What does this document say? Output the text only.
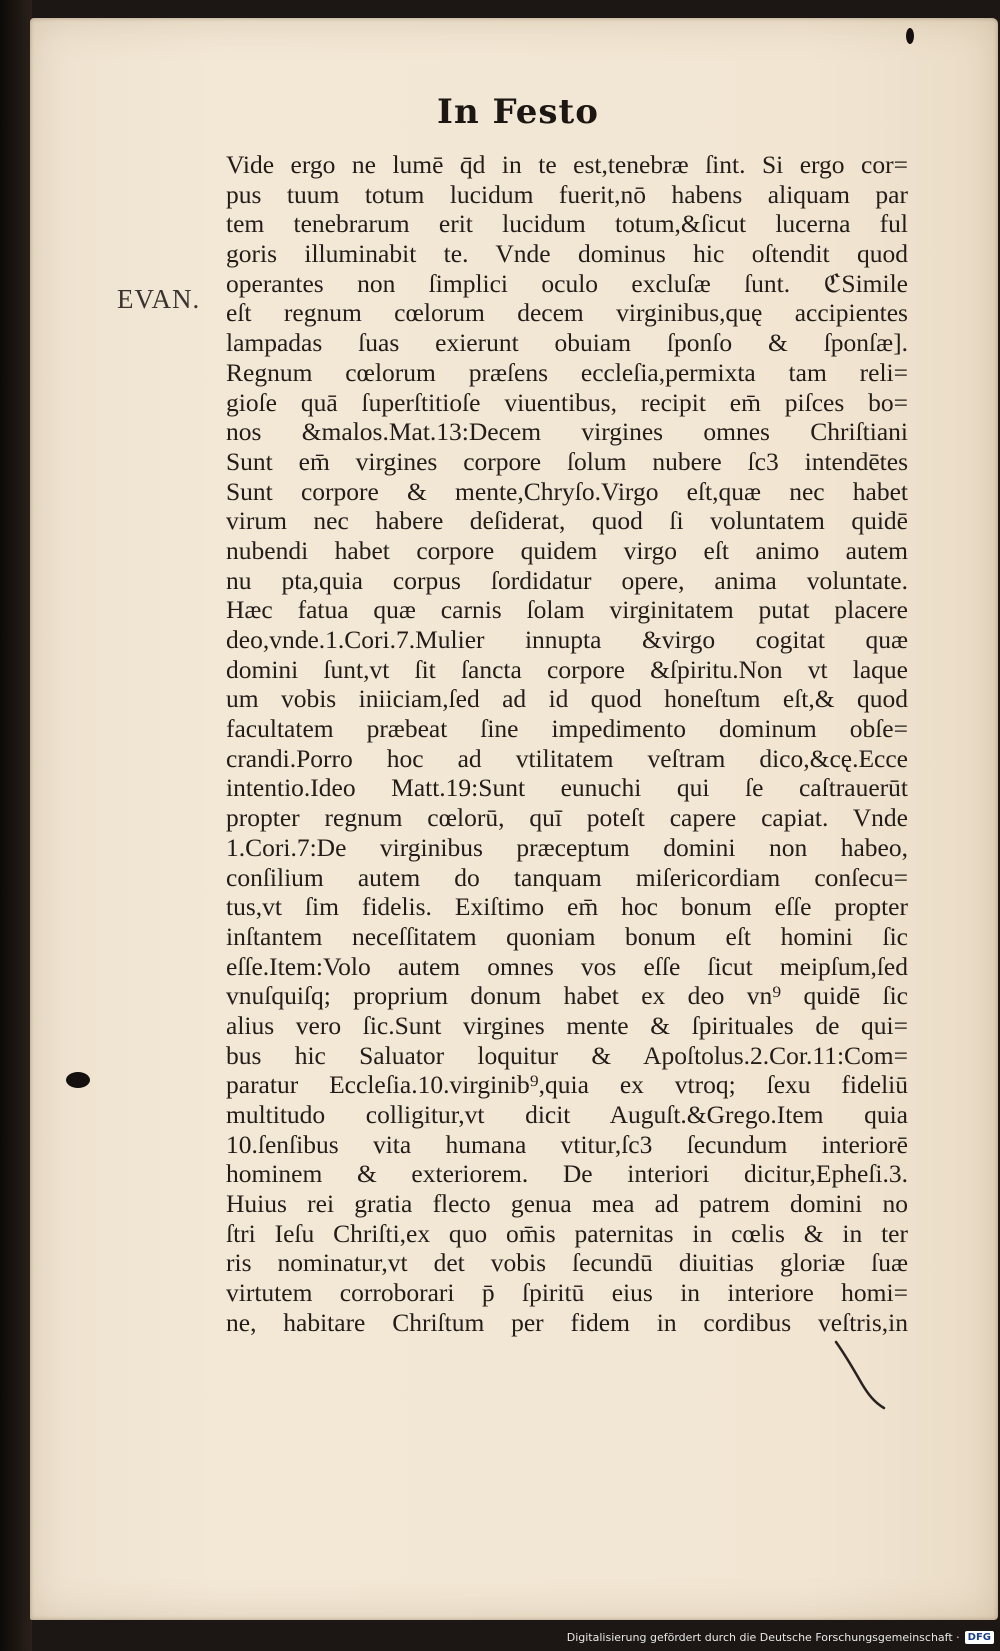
In Festo
EVAN.
Vide ergo ne lumē q̄d in te est,tenebræ ſint. Si ergo cor=
pus tuum totum lucidum fuerit,nō habens aliquam par
tem tenebrarum erit lucidum totum,&ſicut lucerna ful
goris illuminabit te. Vnde dominus hic oſtendit quod
operantes non ſimplici oculo excluſæ ſunt. ℭSimile
eſt regnum cœlorum decem virginibus,quę accipientes
lampadas ſuas exierunt obuiam ſponſo & ſponſæ].
Regnum cœlorum præſens eccleſia,permixta tam reli=
gioſe quā ſuperſtitioſe viuentibus, recipit em̄ piſces bo=
nos &malos.Mat.13:Decem virgines omnes Chriſtiani
Sunt em̄ virgines corpore ſolum nubere ſc3 intendētes
Sunt corpore & mente,Chryſo.Virgo eſt,quæ nec habet
virum nec habere deſiderat, quod ſi voluntatem quidē
nubendi habet corpore quidem virgo eſt animo autem
nu pta,quia corpus ſordidatur opere, anima voluntate.
Hæc fatua quæ carnis ſolam virginitatem putat placere
deo,vnde.1.Cori.7.Mulier innupta &virgo cogitat quæ
domini ſunt,vt ſit ſancta corpore &ſpiritu.Non vt laque
um vobis iniiciam,ſed ad id quod honeſtum eſt,& quod
facultatem præbeat ſine impedimento dominum obſe=
crandi.Porro hoc ad vtilitatem veſtram dico,&cę.Ecce
intentio.Ideo Matt.19:Sunt eunuchi qui ſe caſtrauerūt
propter regnum cœlorū, quī poteſt capere capiat. Vnde
1.Cori.7:De virginibus præceptum domini non habeo,
conſilium autem do tanquam miſericordiam conſecu=
tus,vt ſim fidelis. Exiſtimo em̄ hoc bonum eſſe propter
inſtantem neceſſitatem quoniam bonum eſt homini ſic
eſſe.Item:Volo autem omnes vos eſſe ſicut meipſum,ſed
vnuſquiſq; proprium donum habet ex deo vn⁹ quidē ſic
alius vero ſic.Sunt virgines mente & ſpirituales de qui=
bus hic Saluator loquitur & Apoſtolus.2.Cor.11:Com=
paratur Eccleſia.10.virginib⁹,quia ex vtroq; ſexu fideliū
multitudo colligitur,vt dicit Auguſt.&Grego.Item quia
10.ſenſibus vita humana vtitur,ſc3 ſecundum interiorē
hominem & exteriorem. De interiori dicitur,Epheſi.3.
Huius rei gratia flecto genua mea ad patrem domini no
ſtri Ieſu Chriſti,ex quo om̄is paternitas in cœlis & in ter
ris nominatur,vt det vobis ſecundū diuitias gloriæ ſuæ
virtutem corroborari p̄ ſpiritū eius in interiore homi=
ne, habitare Chriſtum per fidem in cordibus veſtris,in
Digitalisierung gefördert durch die Deutsche Forschungsgemeinschaft · DFG
